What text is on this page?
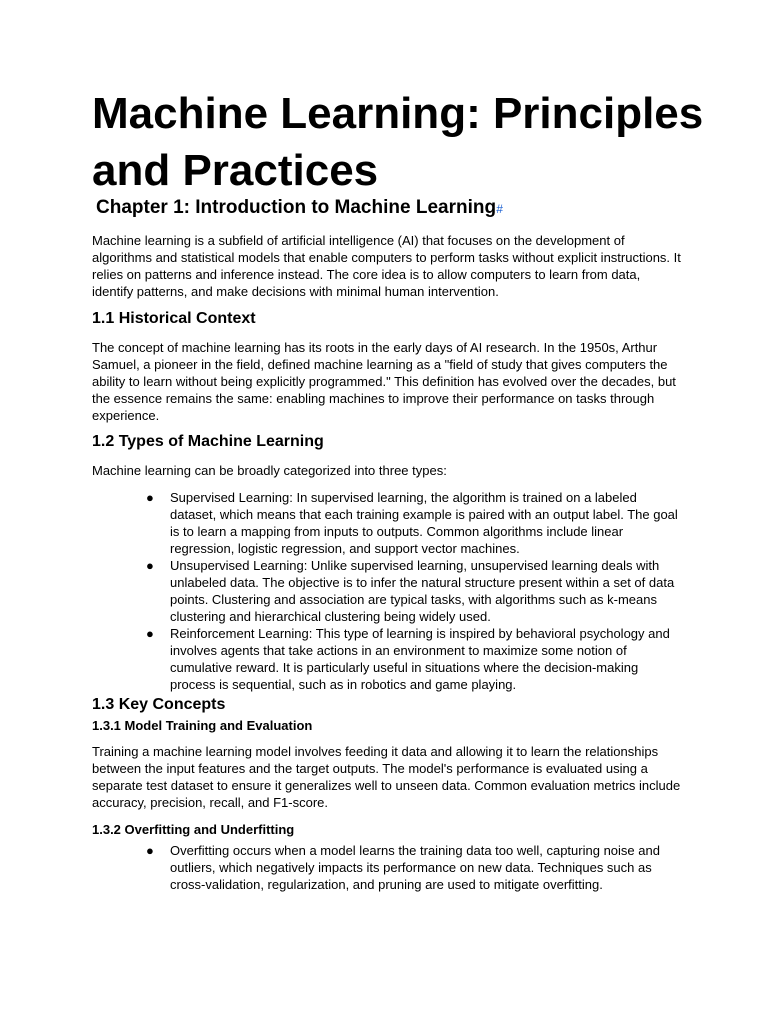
Machine Learning: Principles and Practices
Chapter 1: Introduction to Machine Learning#

Machine learning is a subfield of artificial intelligence (AI) that focuses on the development of algorithms and statistical models that enable computers to perform tasks without explicit instructions. It relies on patterns and inference instead. The core idea is to allow computers to learn from data, identify patterns, and make decisions with minimal human intervention.

1.1 Historical Context

The concept of machine learning has its roots in the early days of AI research. In the 1950s, Arthur Samuel, a pioneer in the field, defined machine learning as a "field of study that gives computers the ability to learn without being explicitly programmed." This definition has evolved over the decades, but the essence remains the same: enabling machines to improve their performance on tasks through experience.

1.2 Types of Machine Learning

Machine learning can be broadly categorized into three types:

● Supervised Learning: In supervised learning, the algorithm is trained on a labeled dataset, which means that each training example is paired with an output label. The goal is to learn a mapping from inputs to outputs. Common algorithms include linear regression, logistic regression, and support vector machines.
● Unsupervised Learning: Unlike supervised learning, unsupervised learning deals with unlabeled data. The objective is to infer the natural structure present within a set of data points. Clustering and association are typical tasks, with algorithms such as k-means clustering and hierarchical clustering being widely used.
● Reinforcement Learning: This type of learning is inspired by behavioral psychology and involves agents that take actions in an environment to maximize some notion of cumulative reward. It is particularly useful in situations where the decision-making process is sequential, such as in robotics and game playing.
1.3 Key Concepts
1.3.1 Model Training and Evaluation

Training a machine learning model involves feeding it data and allowing it to learn the relationships between the input features and the target outputs. The model's performance is evaluated using a separate test dataset to ensure it generalizes well to unseen data. Common evaluation metrics include accuracy, precision, recall, and F1-score.

1.3.2 Overfitting and Underfitting
● Overfitting occurs when a model learns the training data too well, capturing noise and outliers, which negatively impacts its performance on new data. Techniques such as cross-validation, regularization, and pruning are used to mitigate overfitting.
